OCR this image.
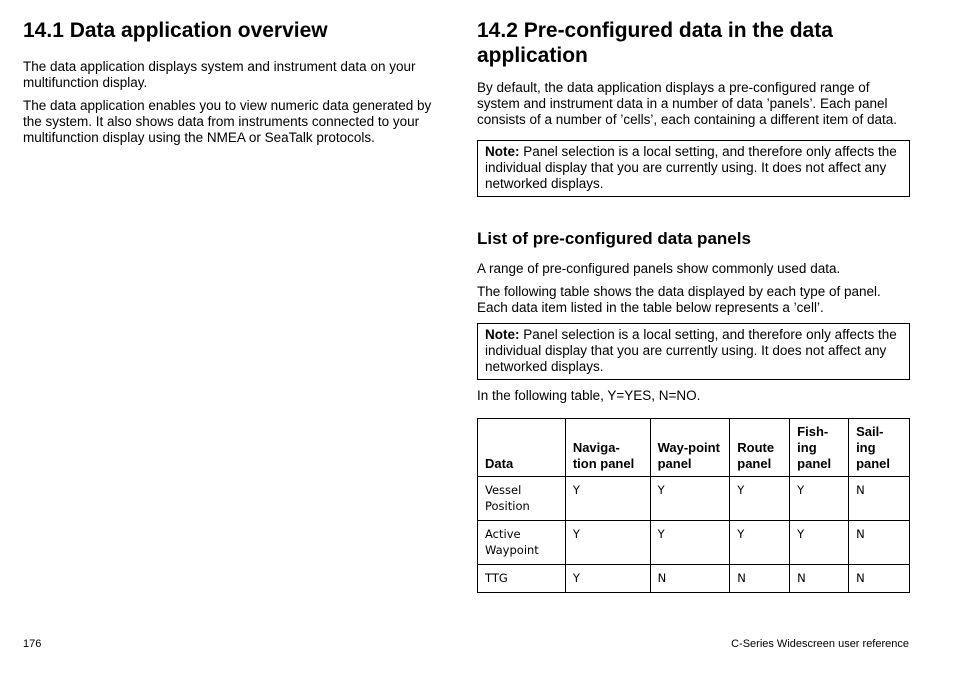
14.1 Data application overview

The data application displays system and instrument data on your multifunction display.

The data application enables you to view numeric data generated by the system. It also shows data from instruments connected to your multifunction display using the NMEA or SeaTalk protocols.

14.2 Pre-configured data in the data application

By default, the data application displays a pre-configured range of system and instrument data in a number of data ’panels’. Each panel consists of a number of ’cells’, each containing a different item of data.

Note: Panel selection is a local setting, and therefore only affects the individual display that you are currently using. It does not affect any networked displays.
List of pre-configured data panels

A range of pre-configured panels show commonly used data.

The following table shows the data displayed by each type of panel. Each data item listed in the table below represents a ’cell’.

Note: Panel selection is a local setting, and therefore only affects the individual display that you are currently using. It does not affect any networked displays.

In the following table, Y=YES, N=NO.

Data	Naviga-tion panel	Way-point panel	Route panel	Fish-ing panel	Sail-ing panel
Vessel Position	Y	Y	Y	Y	N
Active Waypoint	Y	Y	Y	Y	N
TTG	Y	N	N	N	N
176	C-Series Widescreen user reference
